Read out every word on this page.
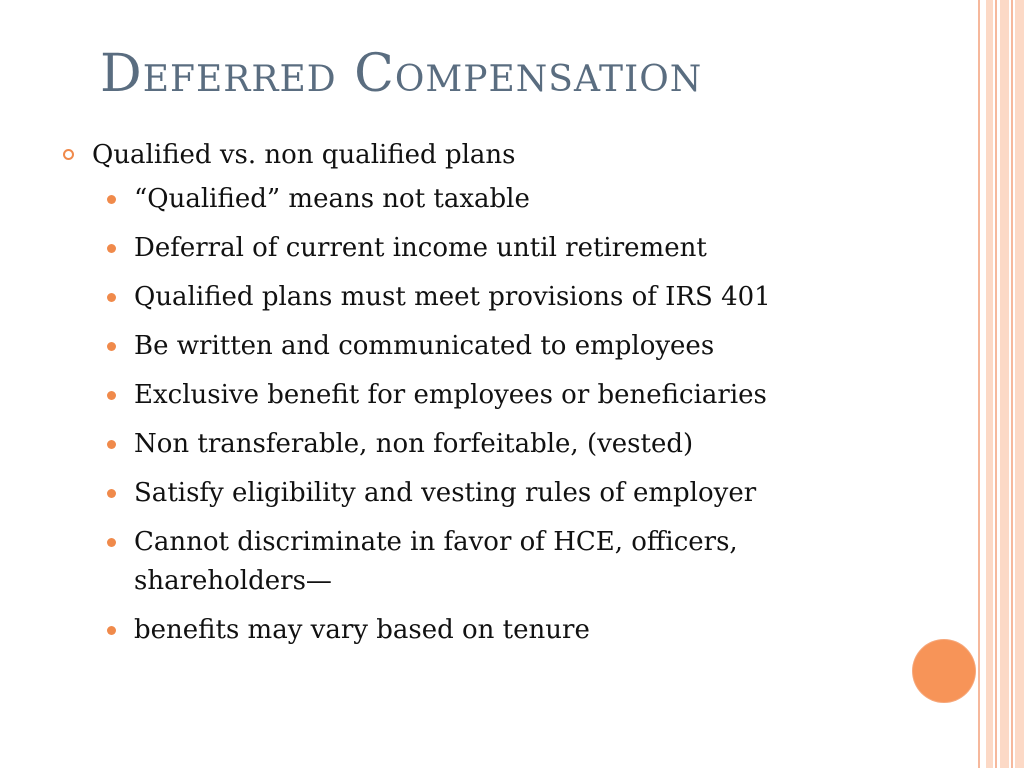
Deferred Compensation
Qualified vs. non qualified plans
“Qualified” means not taxable
Deferral of current income until retirement
Qualified plans must meet provisions of IRS 401
Be written and communicated to employees
Exclusive benefit for employees or beneficiaries
Non transferable, non forfeitable, (vested)
Satisfy eligibility and vesting rules of employer
Cannot discriminate in favor of HCE, officers, shareholders—
benefits may vary based on tenure
